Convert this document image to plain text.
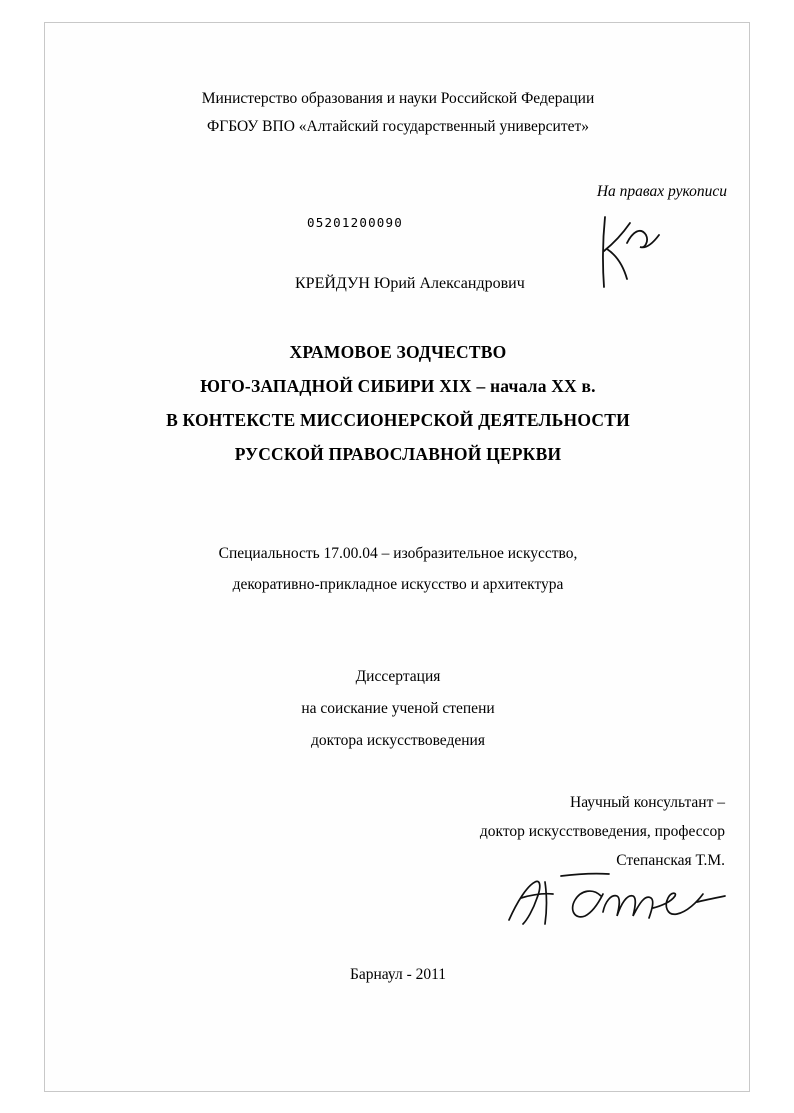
Министерство образования и науки Российской Федерации
ФГБОУ ВПО «Алтайский государственный университет»
На правах рукописи
05201200090
КРЕЙДУН Юрий Александрович
ХРАМОВОЕ ЗОДЧЕСТВО
ЮГО-ЗАПАДНОЙ СИБИРИ XIX – начала XX в.
В КОНТЕКСТЕ МИССИОНЕРСКОЙ ДЕЯТЕЛЬНОСТИ
РУССКОЙ ПРАВОСЛАВНОЙ ЦЕРКВИ
Специальность 17.00.04 – изобразительное искусство,
декоративно-прикладное искусство и архитектура
Диссертация
на соискание ученой степени
доктора искусствоведения
Научный консультант –
доктор искусствоведения, профессор
Степанская Т.М.
Барнаул - 2011
